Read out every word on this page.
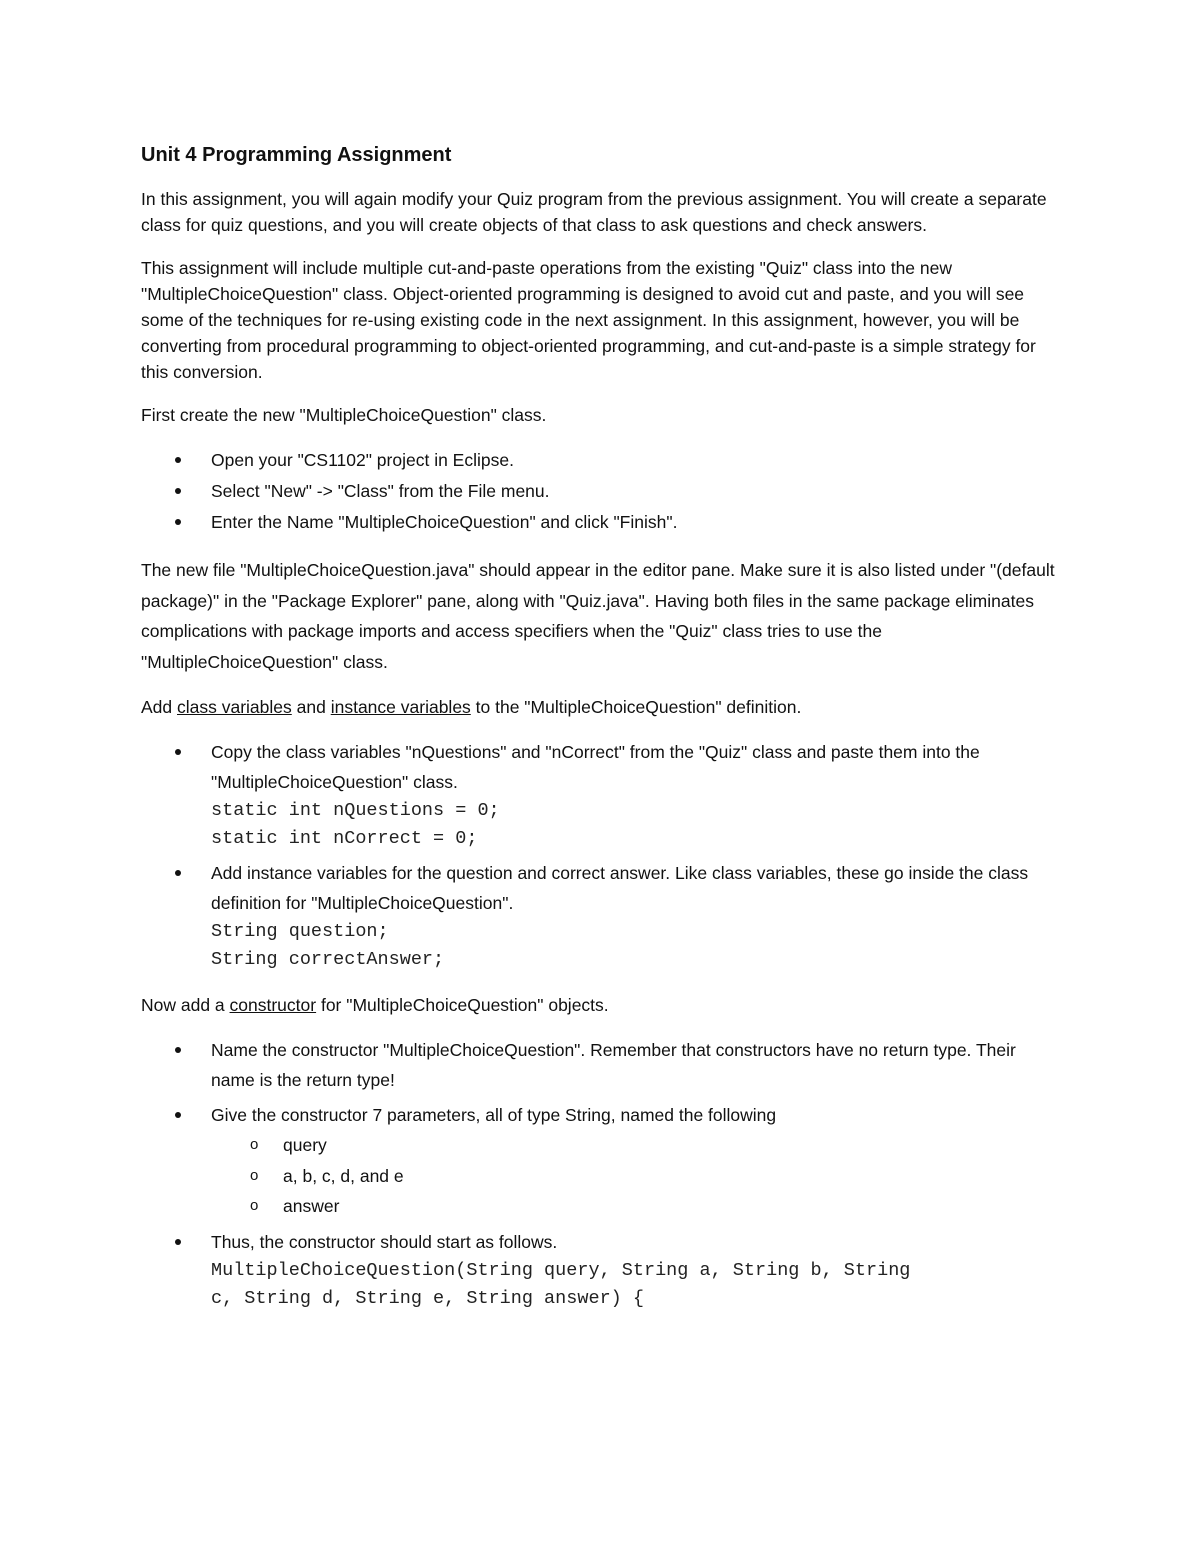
Unit 4 Programming Assignment

In this assignment, you will again modify your Quiz program from the previous assignment. You will create a separate class for quiz questions, and you will create objects of that class to ask questions and check answers.

This assignment will include multiple cut-and-paste operations from the existing "Quiz" class into the new "MultipleChoiceQuestion" class. Object-oriented programming is designed to avoid cut and paste, and you will see some of the techniques for re-using existing code in the next assignment. In this assignment, however, you will be converting from procedural programming to object-oriented programming, and cut-and-paste is a simple strategy for this conversion.

First create the new "MultipleChoiceQuestion" class.

Open your "CS1102" project in Eclipse.
Select "New" -> "Class" from the File menu.
Enter the Name "MultipleChoiceQuestion" and click "Finish".

The new file "MultipleChoiceQuestion.java" should appear in the editor pane. Make sure it is also listed under "(default package)" in the "Package Explorer" pane, along with "Quiz.java". Having both files in the same package eliminates complications with package imports and access specifiers when the "Quiz" class tries to use the "MultipleChoiceQuestion" class.

Add class variables and instance variables to the "MultipleChoiceQuestion" definition.

Copy the class variables "nQuestions" and "nCorrect" from the "Quiz" class and paste them into the "MultipleChoiceQuestion" class.
static int nQuestions = 0;
static int nCorrect = 0;
Add instance variables for the question and correct answer. Like class variables, these go inside the class definition for "MultipleChoiceQuestion".
String question;
String correctAnswer;

Now add a constructor for "MultipleChoiceQuestion" objects.

Name the constructor "MultipleChoiceQuestion". Remember that constructors have no return type. Their name is the return type!
Give the constructor 7 parameters, all of type String, named the following
o query
o a, b, c, d, and e
o answer
Thus, the constructor should start as follows.
MultipleChoiceQuestion(String query, String a, String b, String
c, String d, String e, String answer) {
